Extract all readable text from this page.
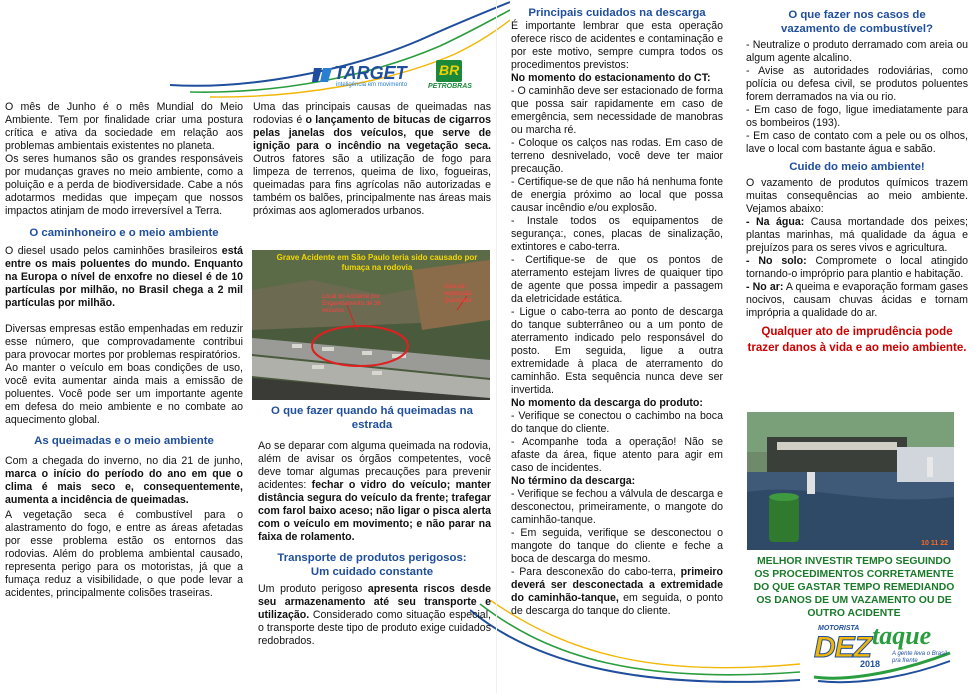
O mês de Junho é o mês Mundial do Meio Ambiente. Tem por finalidade criar uma postura crítica e ativa da sociedade em relação aos problemas ambientais existentes no planeta.

Os seres humanos são os grandes responsáveis por mudanças graves no meio ambiente, como a poluição e a perda de biodiversidade. Cabe a nós adotarmos medidas que impeçam que nossos impactos atinjam de modo irreversível a Terra.

O caminhoneiro e o meio ambiente

O diesel usado pelos caminhões brasileiros está entre os mais poluentes do mundo. Enquanto na Europa o nível de enxofre no diesel é de 10 partículas por milhão, no Brasil chega a 2 mil partículas por milhão.

Diversas empresas estão empenhadas em reduzir esse número, que comprovadamente contribui para provocar mortes por problemas respiratórios.

Ao manter o veículo em boas condições de uso, você evita aumentar ainda mais a emissão de poluentes. Você pode ser um importante agente em defesa do meio ambiente e no combate ao aquecimento global.

As queimadas e o meio ambiente

Com a chegada do inverno, no dia 21 de junho, marca o início do período do ano em que o clima é mais seco e, consequentemente, aumenta a incidência de queimadas.

A vegetação seca é combustível para o alastramento do fogo, e entre as áreas afetadas por esse problema estão os entornos das rodovias. Além do problema ambiental causado, representa perigo para os motoristas, já que a fumaça reduz a visibilidade, o que pode levar a acidentes, principalmente colisões traseiras.

TARGET
inteligência em movimento
BR
PETROBRAS

Uma das principais causas de queimadas nas rodovias é o lançamento de bitucas de cigarros pelas janelas dos veículos, que serve de ignição para o incêndio na vegetação seca. Outros fatores são a utilização de fogo para limpeza de terrenos, queima de lixo, fogueiras, queimadas para fins agrícolas não autorizadas e também os balões, principalmente nas áreas mais próximas aos aglomerados urbanos.

O que fazer quando há queimadas na estrada

Ao se deparar com alguma queimada na rodovia, além de avisar os órgãos competentes, você deve tomar algumas precauções para prevenir acidentes: fechar o vidro do veículo; manter distância segura do veículo da frente; trafegar com farol baixo aceso; não ligar o pisca alerta com o veículo em movimento; e não parar na faixa de rolamento.

Transporte de produtos perigosos:

Um cuidado constante

Um produto perigoso apresenta riscos desde seu armazenamento até seu transporte e utilização. Considerado como situação especial, o transporte deste tipo de produto exige cuidados redobrados.

Grave Acidente em São Paulo teria sido causado por fumaça na rodovia
Local do Acidente por Engavetamento de 36 veículos
Área de vegetação Queimada

Principais cuidados na descarga

É importante lembrar que esta operação oferece risco de acidentes e contaminação e por este motivo, sempre cumpra todos os procedimentos previstos:

No momento do estacionamento do CT:

- O caminhão deve ser estacionado de forma que possa sair rapidamente em caso de emergência, sem necessidade de manobras ou marcha ré.

- Coloque os calços nas rodas. Em caso de terreno desnivelado, você deve ter maior precaução.

- Certifique-se de que não há nenhuma fonte de energia próximo ao local que possa causar incêndio e/ou explosão.

- Instale todos os equipamentos de segurança:, cones, placas de sinalização, extintores e cabo-terra.

- Certifique-se de que os pontos de aterramento estejam livres de quaiquer tipo de agente que possa impedir a passagem da eletricidade estática.

- Ligue o cabo-terra ao ponto de descarga do tanque subterrâneo ou a um ponto de aterramento indicado pelo responsável do posto. Em seguida, ligue a outra extremidade à placa de aterramento do caminhão. Esta sequência nunca deve ser invertida.

No momento da descarga do produto:

- Verifique se conectou o cachimbo na boca do tanque do cliente.

- Acompanhe toda a operação! Não se afaste da área, fique atento para agir em caso de incidentes.

No término da descarga:

- Verifique se fechou a válvula de descarga e desconectou, primeiramente, o mangote do caminhão-tanque.

- Em seguida, verifique se desconectou o mangote do tanque do cliente e feche a boca de descarga do mesmo.

- Para desconexão do cabo-terra, primeiro deverá ser desconectada a extremidade do caminhão-tanque, em seguida, o ponto de descarga do tanque do cliente.

O que fazer nos casos de

vazamento de combustível?

- Neutralize o produto derramado com areia ou algum agente alcalino.

- Avise as autoridades rodoviárias, como polícia ou defesa civil, se produtos poluentes forem derramados na via ou rio.

- Em caso de fogo, ligue imediatamente para os bombeiros (193).

- Em caso de contato com a pele ou os olhos, lave o local com bastante água e sabão.

Cuide do meio ambiente!

O vazamento de produtos químicos trazem muitas consequências ao meio ambiente. Vejamos abaixo:

- Na água: Causa mortandade dos peixes; plantas marinhas, má qualidade da água e prejuízos para os seres vivos e agricultura.

- No solo: Compromete o local atingido tornando-o impróprio para plantio e habitação.

- No ar: A queima e evaporação formam gases nocivos, causam chuvas ácidas e tornam imprópria a qualidade do ar.

Qualquer ato de imprudência pode trazer danos à vida e ao meio ambiente.

10 11 22

MELHOR INVESTIR TEMPO SEGUINDO OS PROCEDIMENTOS CORRETAMENTE DO QUE GASTAR TEMPO REMEDIANDO OS DANOS DE UM VAZAMENTO OU DE OUTRO ACIDENTE

MOTORISTA
DEZ taque
2018
A gente leva o Brasil pra frente
